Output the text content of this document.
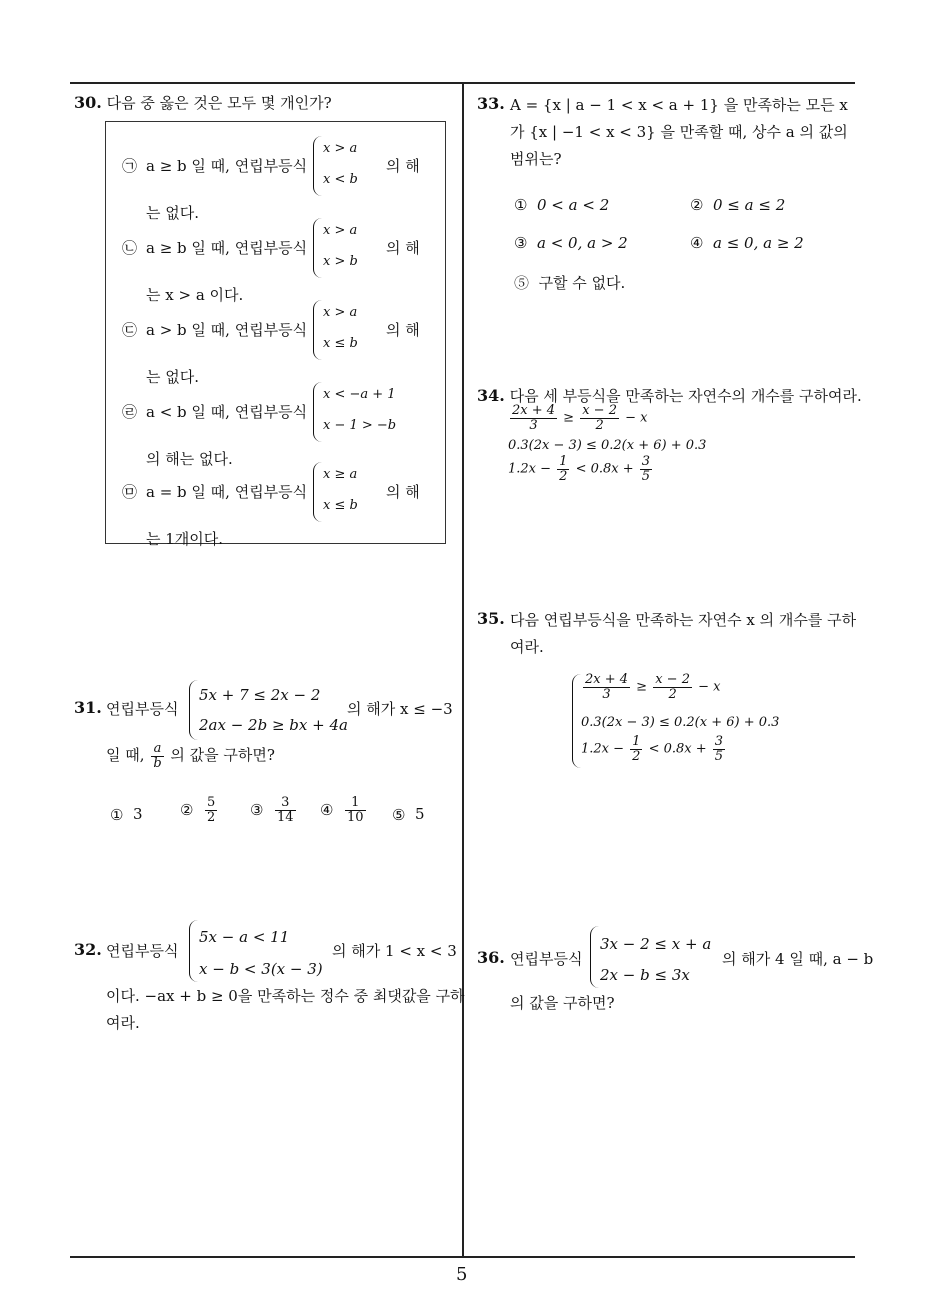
5
30. 다음 중 옳은 것은 모두 몇 개인가?
㉠ a ≥ b 일 때, 연립부등식
x > a
x < b
의 해
는 없다.
㉡ a ≥ b 일 때, 연립부등식
x > a
x > b
의 해
는 x > a 이다.
㉢ a > b 일 때, 연립부등식
x > a
x ≤ b
의 해
는 없다.
㉣ a < b 일 때, 연립부등식
x < −a + 1
x − 1 > −b
의 해는 없다.
㉤ a = b 일 때, 연립부등식
x ≥ a
x ≤ b
의 해
는 1개이다.
31. 연립부등식
5x + 7 ≤ 2x − 2
2ax − 2b ≥ bx + 4a
의 해가 x ≤ −3
일 때, $\frac{a}{b}$ 의 값을 구하면?
① 3 ② $\frac{5}{2}$ ③ $\frac{3}{14}$ ④ $\frac{1}{10}$ ⑤ 5
32. 연립부등식
5x − a < 11
x − b < 3(x − 3)
의 해가 1 < x < 3
이다. −ax + b ≥ 0을 만족하는 정수 중 최댓값을 구하
여라.
33. A = {x | a − 1 < x < a + 1} 을 만족하는 모든 x
가 {x | −1 < x < 3} 을 만족할 때, 상수 a 의 값의
범위는?
① 0 < a < 2	② 0 ≤ a ≤ 2
③ a < 0, a > 2	④ a ≤ 0, a ≥ 2
⑤ 구할 수 없다.
34. 다음 세 부등식을 만족하는 자연수의 개수를 구하여라.
$\frac{2x + 4}{3} \ge \frac{x - 2}{2} - x$
0.3(2x − 3) ≤ 0.2(x + 6) + 0.3
$1.2x - \frac{1}{2} < 0.8x + \frac{3}{5}$
35. 다음 연립부등식을 만족하는 자연수 x 의 개수를 구하
여라.
$\frac{2x + 4}{3} \ge \frac{x - 2}{2} - x$
0.3(2x − 3) ≤ 0.2(x + 6) + 0.3
$1.2x - \frac{1}{2} < 0.8x + \frac{3}{5}$
36. 연립부등식
3x − 2 ≤ x + a
2x − b ≤ 3x
의 해가 4 일 때, a − b
의 값을 구하면?
